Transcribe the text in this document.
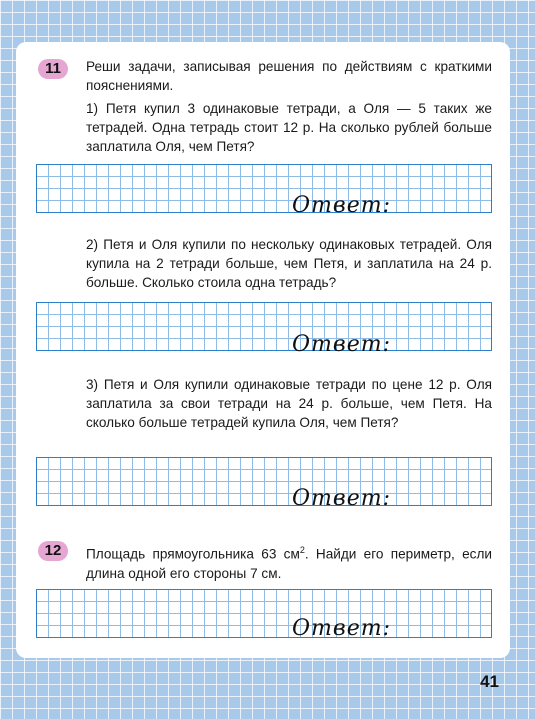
11	Реши задачи, записывая решения по действиям с краткими пояснениями.

1) Петя купил 3 одинаковые тетради, а Оля — 5 таких же тетрадей. Одна тетрадь стоит 12 р. На сколько рублей больше заплатила Оля, чем Петя?

Ответ:

2) Петя и Оля купили по нескольку одинаковых тетрадей. Оля купила на 2 тетради больше, чем Петя, и заплатила на 24 р. больше. Сколько стоила одна тетрадь?

Ответ:

3) Петя и Оля купили одинаковые тетради по цене 12 р. Оля заплатила за свои тетради на 24 р. больше, чем Петя. На сколько больше тетрадей купила Оля, чем Петя?

Ответ:
12	Площадь прямоугольника 63 $см^2$. Найди его периметр, если длина одной его стороны 7 см.

Ответ:
41
